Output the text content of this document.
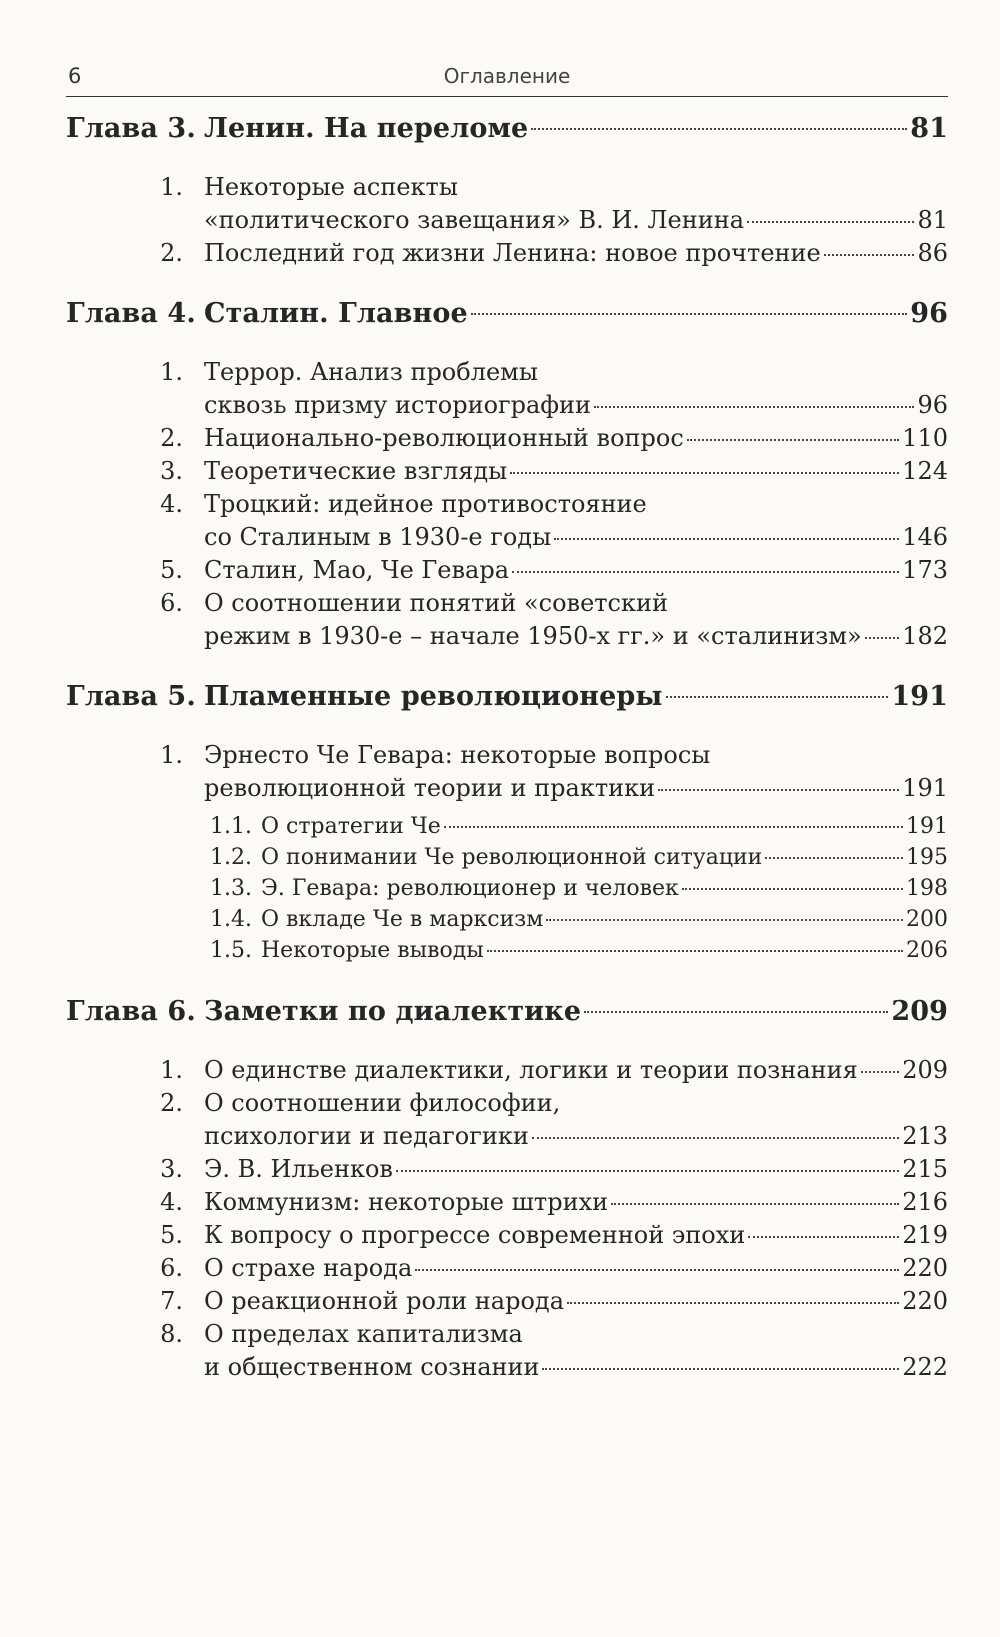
6	Оглавление
Глава 3. Ленин. На переломе	81
1. Некоторые аспекты
«политического завещания» В. И. Ленина	81
2. Последний год жизни Ленина: новое прочтение	86
Глава 4. Сталин. Главное	96
1. Террор. Анализ проблемы
сквозь призму историографии	96
2. Национально-революционный вопрос	110
3. Теоретические взгляды	124
4. Троцкий: идейное противостояние
со Сталиным в 1930-е годы	146
5. Сталин, Мао, Че Гевара	173
6. О соотношении понятий «советский
режим в 1930-е – начале 1950-х гг.» и «сталинизм» 182
Глава 5. Пламенные революционеры	191
1. Эрнесто Че Гевара: некоторые вопросы
революционной теории и практики	191
1.1. О стратегии Че	191
1.2. О понимании Че революционной ситуации	195
1.3. Э. Гевара: революционер и человек	198
1.4. О вкладе Че в марксизм	200
1.5. Некоторые выводы	206
Глава 6. Заметки по диалектике	209
1. О единстве диалектики, логики и теории познания 209
2. О соотношении философии,
психологии и педагогики	213
3. Э. В. Ильенков	215
4. Коммунизм: некоторые штрихи	216
5. К вопросу о прогрессе современной эпохи	219
6. О страхе народа	220
7. О реакционной роли народа	220
8. О пределах капитализма
и общественном сознании	222
